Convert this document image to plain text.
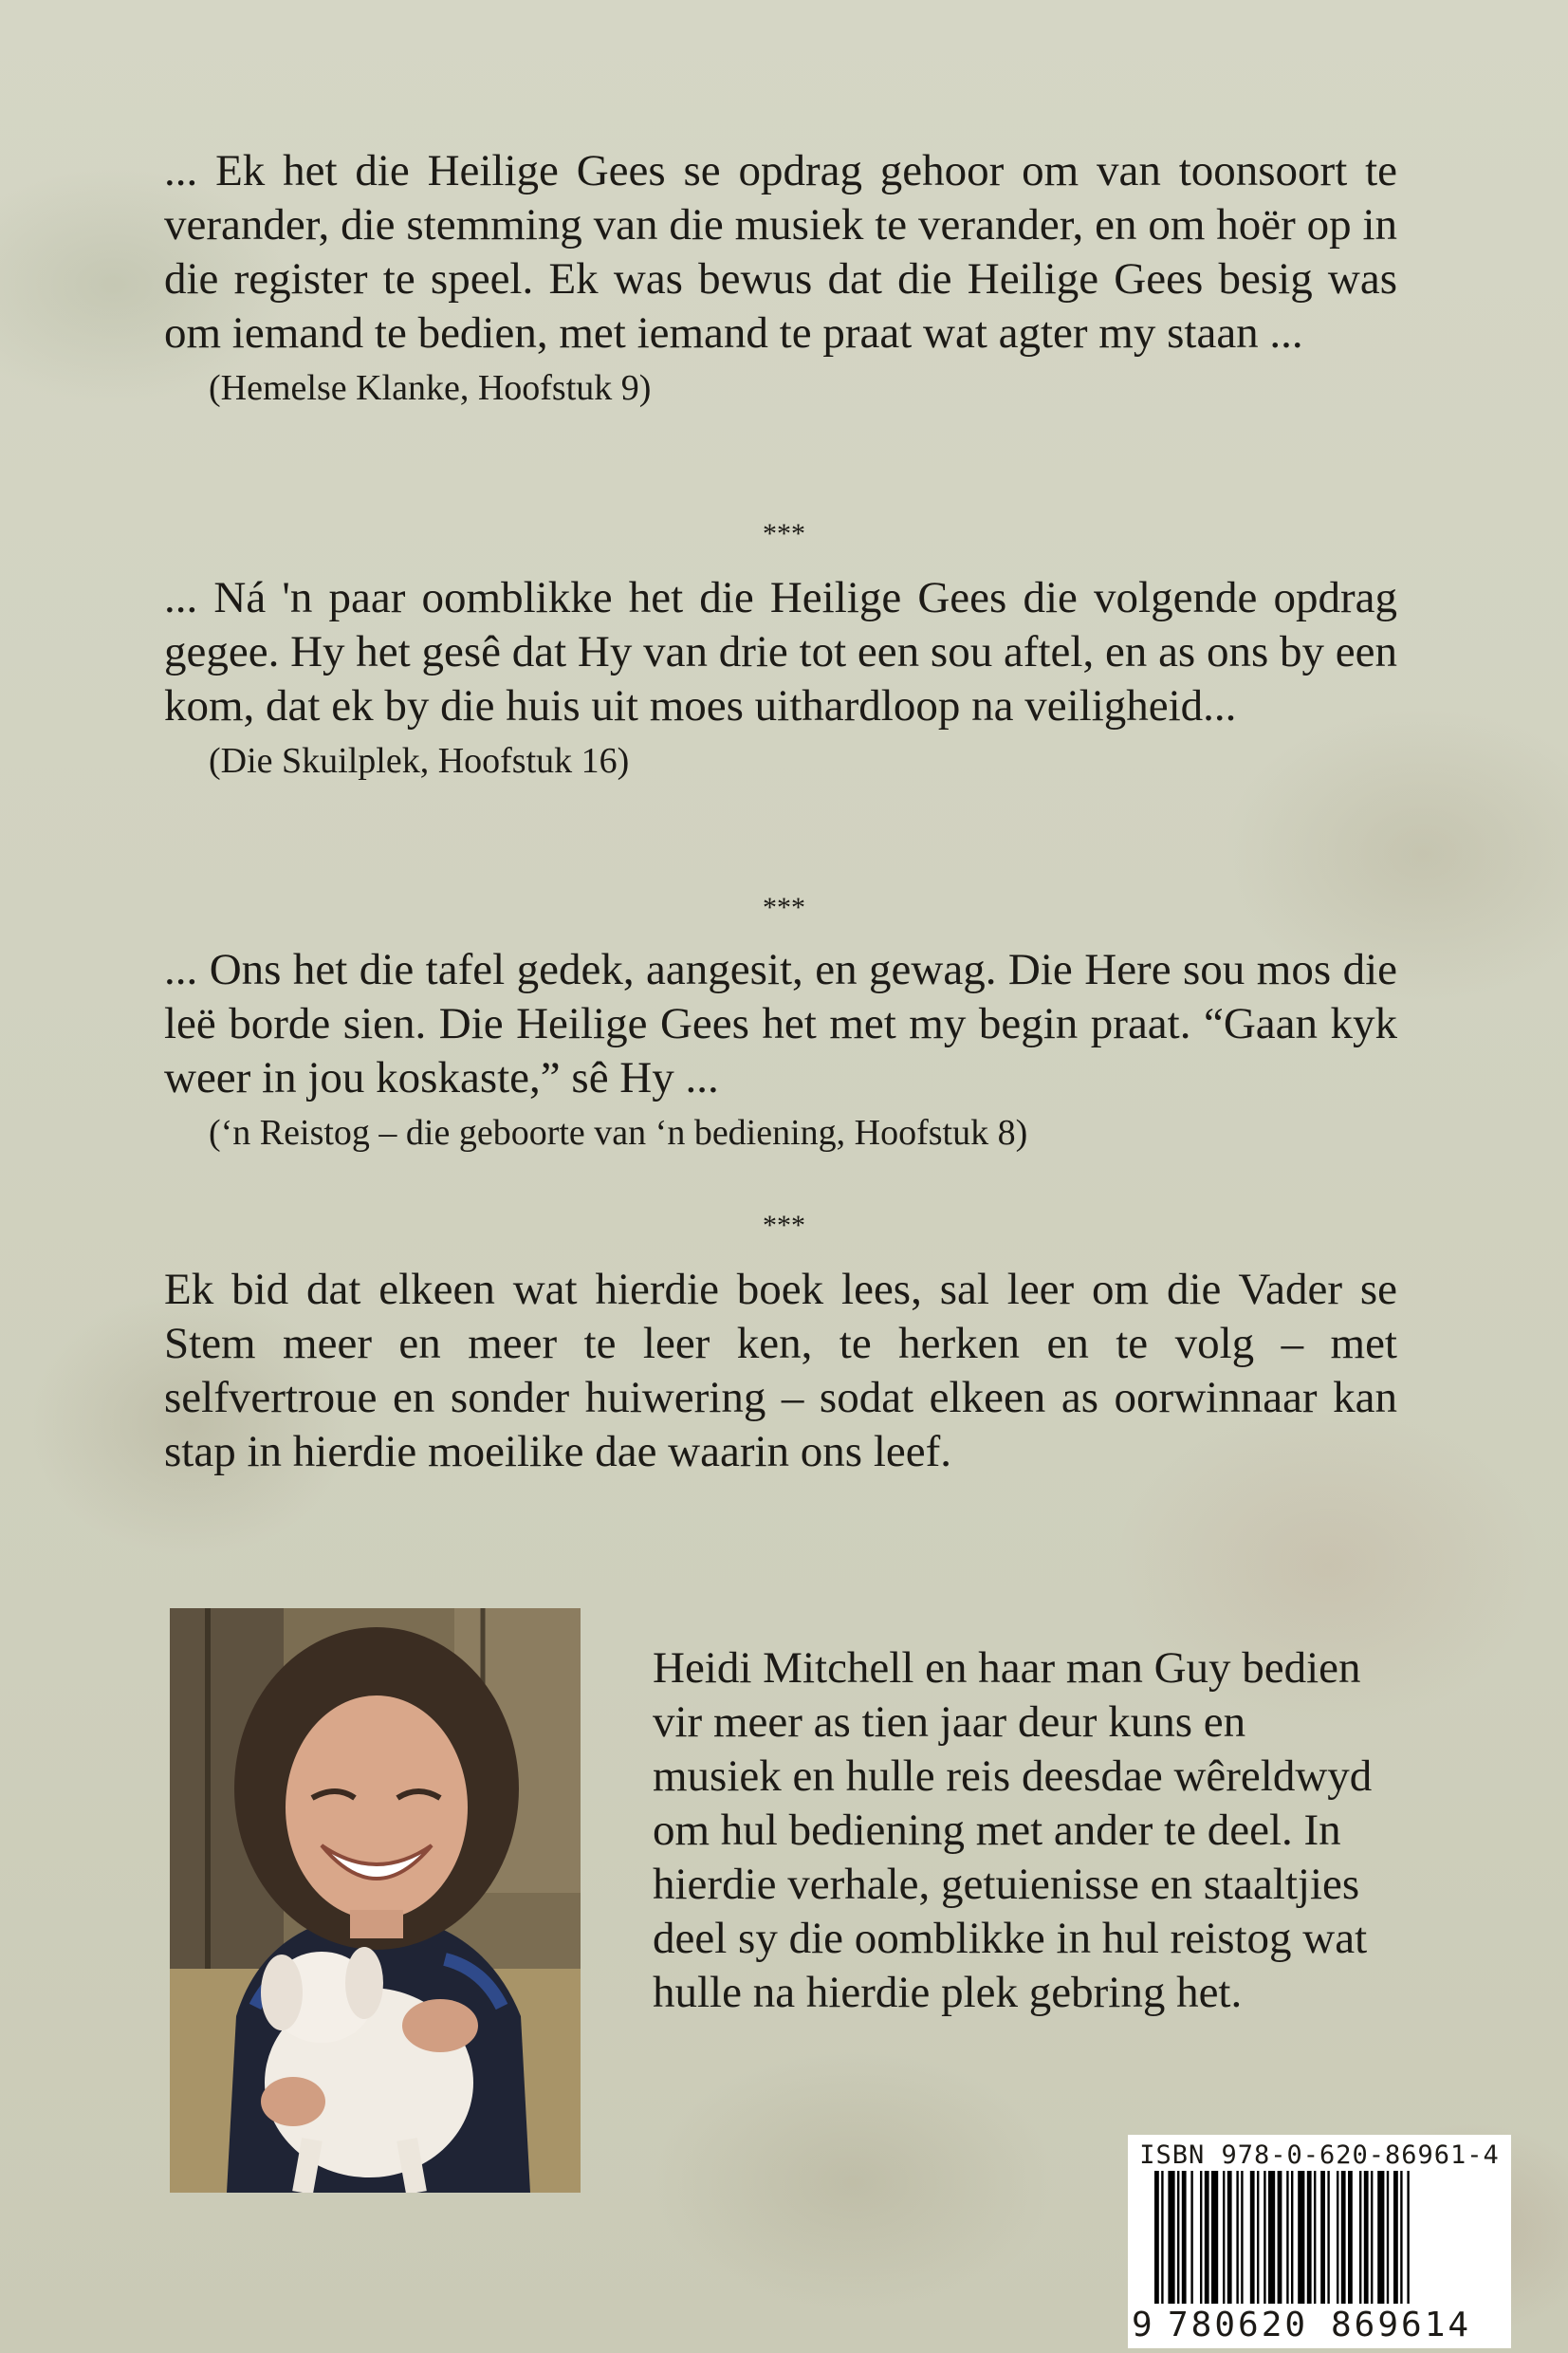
... Ek het die Heilige Gees se opdrag gehoor om van toonsoort te verander, die stemming van die musiek te verander, en om hoër op in die register te speel. Ek was bewus dat die Heilige Gees besig was om iemand te bedien, met iemand te praat wat agter my staan ...

(Hemelse Klanke, Hoofstuk 9)
***

... Ná 'n paar oomblikke het die Heilige Gees die volgende opdrag gegee. Hy het gesê dat Hy van drie tot een sou aftel, en as ons by een kom, dat ek by die huis uit moes uithardloop na veiligheid...

(Die Skuilplek, Hoofstuk 16)
***

... Ons het die tafel gedek, aangesit, en gewag. Die Here sou mos die leë borde sien. Die Heilige Gees het met my begin praat. “Gaan kyk weer in jou koskaste,” sê Hy ...

(‘n Reistog – die geboorte van ‘n bediening, Hoofstuk 8)
***

Ek bid dat elkeen wat hierdie boek lees, sal leer om die Vader se Stem meer en meer te leer ken, te herken en te volg – met selfvertroue en sonder huiwering – sodat elkeen as oorwinnaar kan stap in hierdie moeilike dae waarin ons leef.

Heidi Mitchell en haar man Guy bedien vir meer as tien jaar deur kuns en musiek en hulle reis deesdae wêreldwyd om hul bediening met ander te deel. In hierdie verhale, getuienisse en staaltjies deel sy die oomblikke in hul reistog wat hulle na hierdie plek gebring het.

ISBN 978-0-620-86961-4
9 780620 869614
